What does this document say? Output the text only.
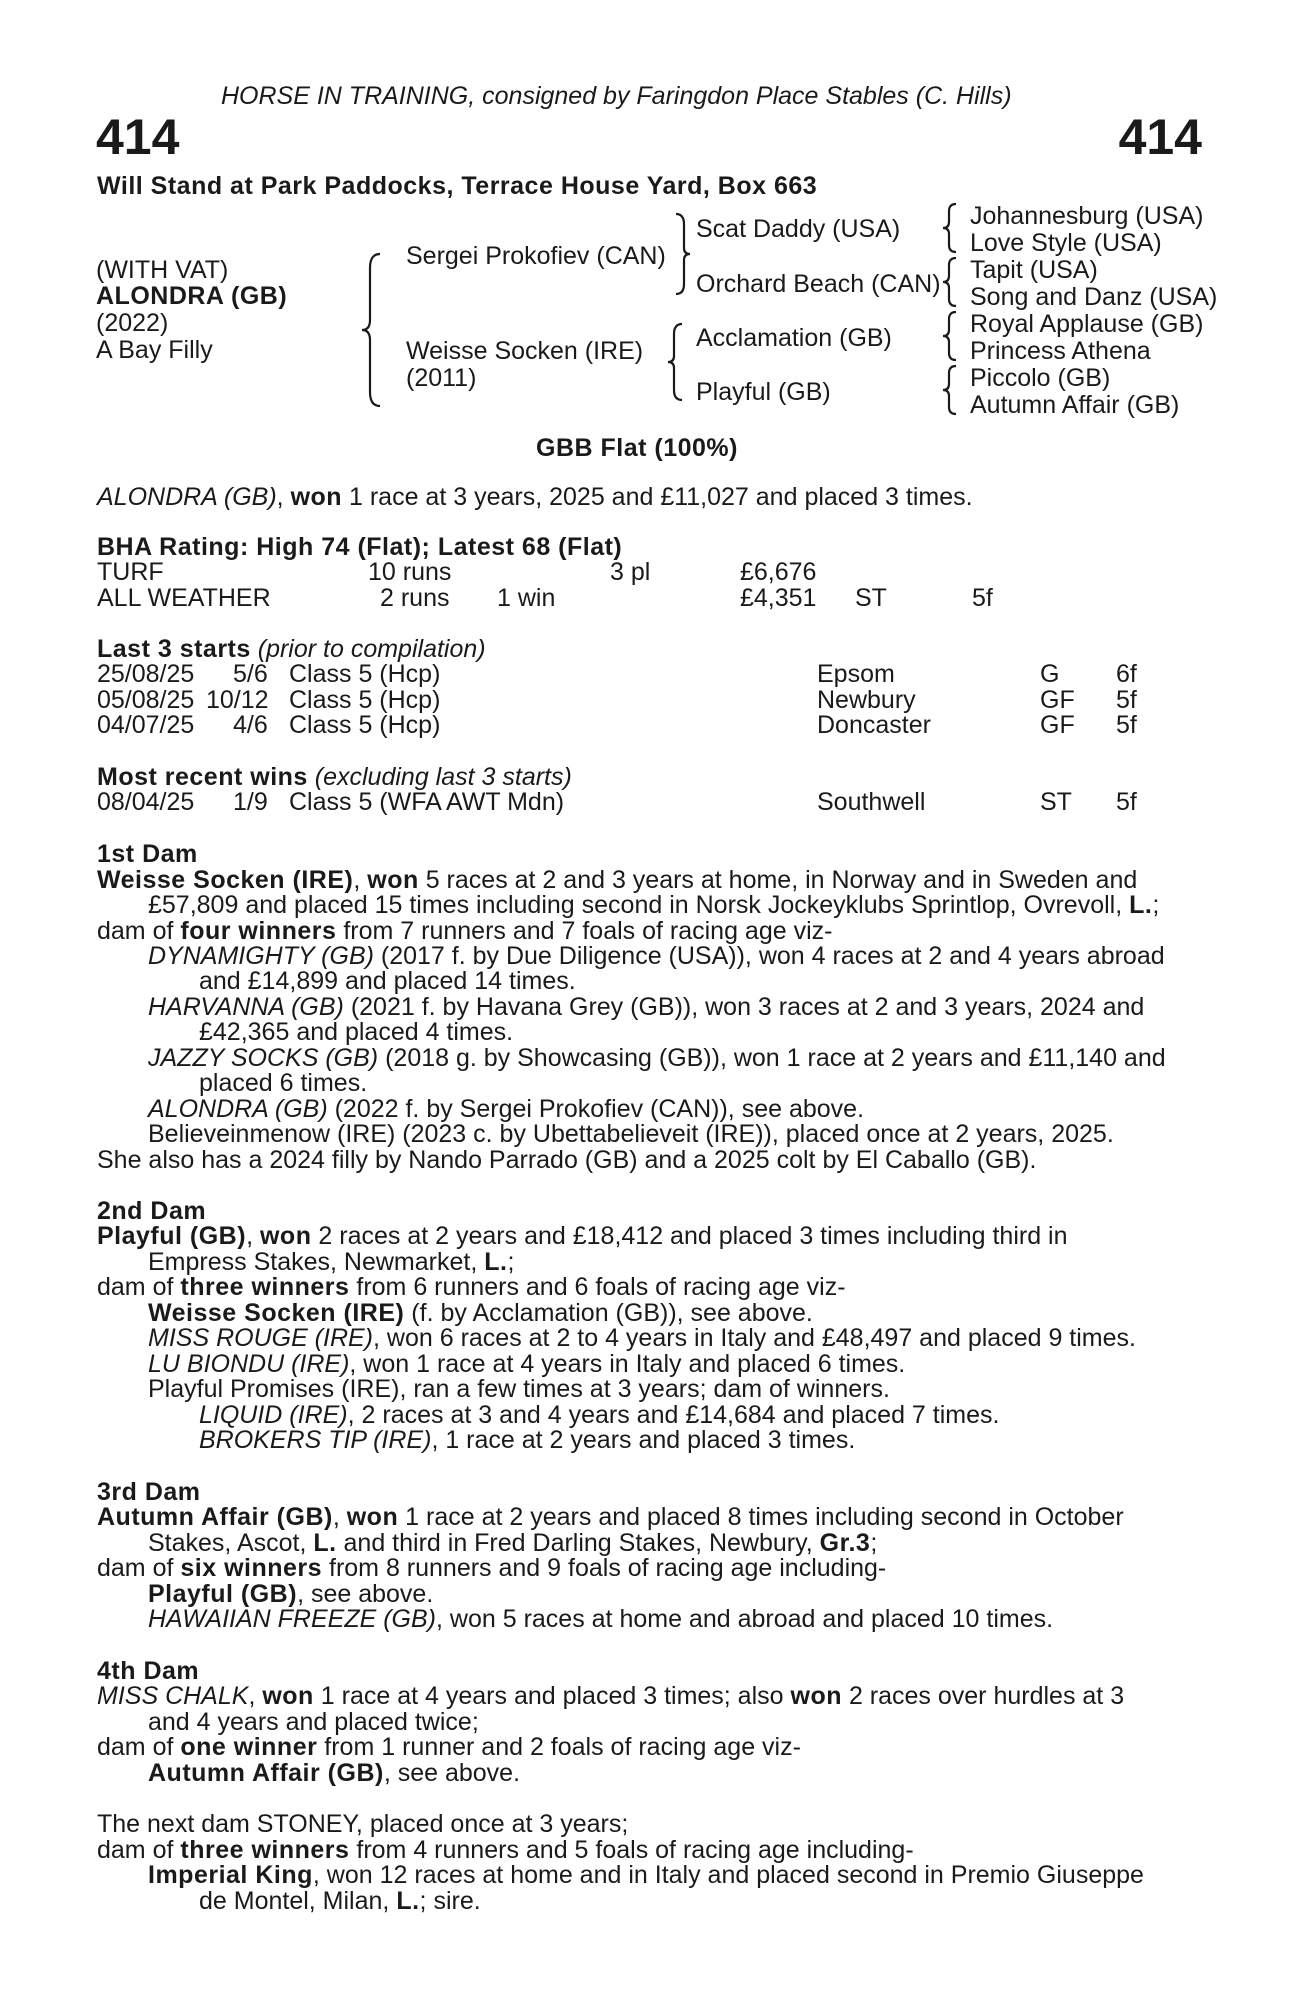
HORSE IN TRAINING, consigned by Faringdon Place Stables (C. Hills)
414	414
Will Stand at Park Paddocks, Terrace House Yard, Box 663
(WITH VAT)
ALONDRA (GB)
(2022)
A Bay Filly
Sergei Prokofiev (CAN)
Weisse Socken (IRE)
(2011)
Scat Daddy (USA)
Orchard Beach (CAN)
Acclamation (GB)
Playful (GB)
Johannesburg (USA)
Love Style (USA)
Tapit (USA)
Song and Danz (USA)
Royal Applause (GB)
Princess Athena
Piccolo (GB)
Autumn Affair (GB)
GBB Flat (100%)
ALONDRA (GB), won 1 race at 3 years, 2025 and £11,027 and placed 3 times.
BHA Rating: High 74 (Flat); Latest 68 (Flat)
TURF	10 runs	3 pl	£6,676
ALL WEATHER	2 runs 1 win	£4,351 ST	5f
Last 3 starts (prior to compilation)
25/08/25 5/6 Class 5 (Hcp)	Epsom	G 6f
05/08/25 10/12 Class 5 (Hcp)	Newbury	GF 5f
04/07/25 4/6 Class 5 (Hcp)	Doncaster	GF 5f
Most recent wins (excluding last 3 starts)
08/04/25 1/9 Class 5 (WFA AWT Mdn)	Southwell	ST 5f
1st Dam
Weisse Socken (IRE), won 5 races at 2 and 3 years at home, in Norway and in Sweden and
£57,809 and placed 15 times including second in Norsk Jockeyklubs Sprintlop, Ovrevoll, L.;
dam of four winners from 7 runners and 7 foals of racing age viz-
DYNAMIGHTY (GB) (2017 f. by Due Diligence (USA)), won 4 races at 2 and 4 years abroad
and £14,899 and placed 14 times.
HARVANNA (GB) (2021 f. by Havana Grey (GB)), won 3 races at 2 and 3 years, 2024 and
£42,365 and placed 4 times.
JAZZY SOCKS (GB) (2018 g. by Showcasing (GB)), won 1 race at 2 years and £11,140 and
placed 6 times.
ALONDRA (GB) (2022 f. by Sergei Prokofiev (CAN)), see above.
Believeinmenow (IRE) (2023 c. by Ubettabelieveit (IRE)), placed once at 2 years, 2025.
She also has a 2024 filly by Nando Parrado (GB) and a 2025 colt by El Caballo (GB).
2nd Dam
Playful (GB), won 2 races at 2 years and £18,412 and placed 3 times including third in
Empress Stakes, Newmarket, L.;
dam of three winners from 6 runners and 6 foals of racing age viz-
Weisse Socken (IRE) (f. by Acclamation (GB)), see above.
MISS ROUGE (IRE), won 6 races at 2 to 4 years in Italy and £48,497 and placed 9 times.
LU BIONDU (IRE), won 1 race at 4 years in Italy and placed 6 times.
Playful Promises (IRE), ran a few times at 3 years; dam of winners.
LIQUID (IRE), 2 races at 3 and 4 years and £14,684 and placed 7 times.
BROKERS TIP (IRE), 1 race at 2 years and placed 3 times.
3rd Dam
Autumn Affair (GB), won 1 race at 2 years and placed 8 times including second in October
Stakes, Ascot, L. and third in Fred Darling Stakes, Newbury, Gr.3;
dam of six winners from 8 runners and 9 foals of racing age including-
Playful (GB), see above.
HAWAIIAN FREEZE (GB), won 5 races at home and abroad and placed 10 times.
4th Dam
MISS CHALK, won 1 race at 4 years and placed 3 times; also won 2 races over hurdles at 3
and 4 years and placed twice;
dam of one winner from 1 runner and 2 foals of racing age viz-
Autumn Affair (GB), see above.
The next dam STONEY, placed once at 3 years;
dam of three winners from 4 runners and 5 foals of racing age including-
Imperial King, won 12 races at home and in Italy and placed second in Premio Giuseppe
de Montel, Milan, L.; sire.
